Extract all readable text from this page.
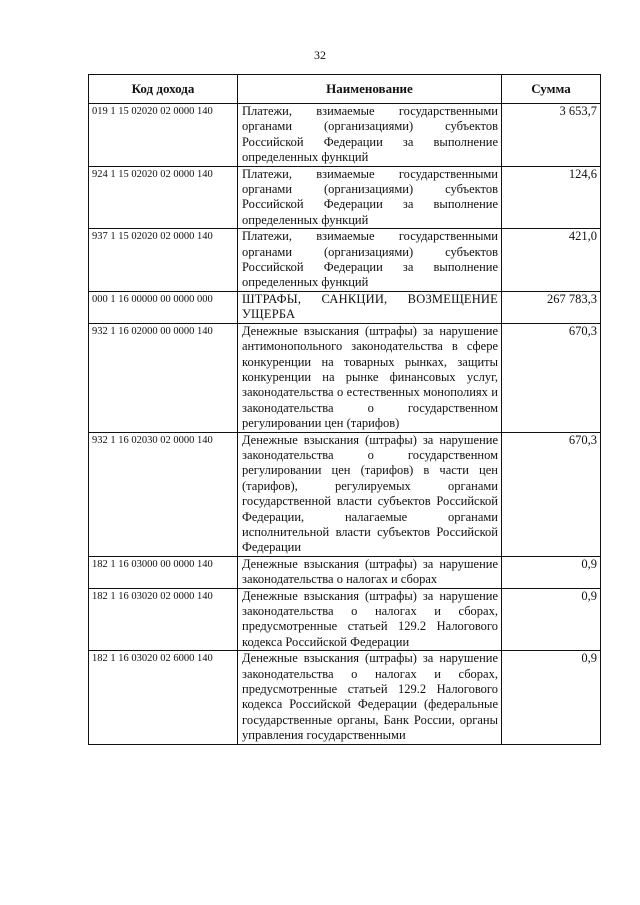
32
Код дохода	Наименование	Сумма
019 1 15 02020 02 0000 140	Платежи, взимаемые государственными органами (организациями) субъектов Российской Федерации за выполнение определенных функций	3 653,7
924 1 15 02020 02 0000 140	Платежи, взимаемые государственными органами (организациями) субъектов Российской Федерации за выполнение определенных функций	124,6
937 1 15 02020 02 0000 140	Платежи, взимаемые государственными органами (организациями) субъектов Российской Федерации за выполнение определенных функций	421,0
000 1 16 00000 00 0000 000	ШТРАФЫ, САНКЦИИ, ВОЗМЕЩЕНИЕ УЩЕРБА	267 783,3
932 1 16 02000 00 0000 140	Денежные взыскания (штрафы) за нарушение антимонопольного законодательства в сфере конкуренции на товарных рынках, защиты конкуренции на рынке финансовых услуг, законодательства о естественных монополиях и законодательства о государственном регулировании цен (тарифов)	670,3
932 1 16 02030 02 0000 140	Денежные взыскания (штрафы) за нарушение законодательства о государственном регулировании цен (тарифов) в части цен (тарифов), регулируемых органами государственной власти субъектов Российской Федерации, налагаемые органами исполнительной власти субъектов Российской Федерации	670,3
182 1 16 03000 00 0000 140	Денежные взыскания (штрафы) за нарушение законодательства о налогах и сборах	0,9
182 1 16 03020 02 0000 140	Денежные взыскания (штрафы) за нарушение законодательства о налогах и сборах, предусмотренные статьей 129.2 Налогового кодекса Российской Федерации	0,9
182 1 16 03020 02 6000 140	Денежные взыскания (штрафы) за нарушение законодательства о налогах и сборах, предусмотренные статьей 129.2 Налогового кодекса Российской Федерации (федеральные государственные органы, Банк России, органы управления государственными	0,9
